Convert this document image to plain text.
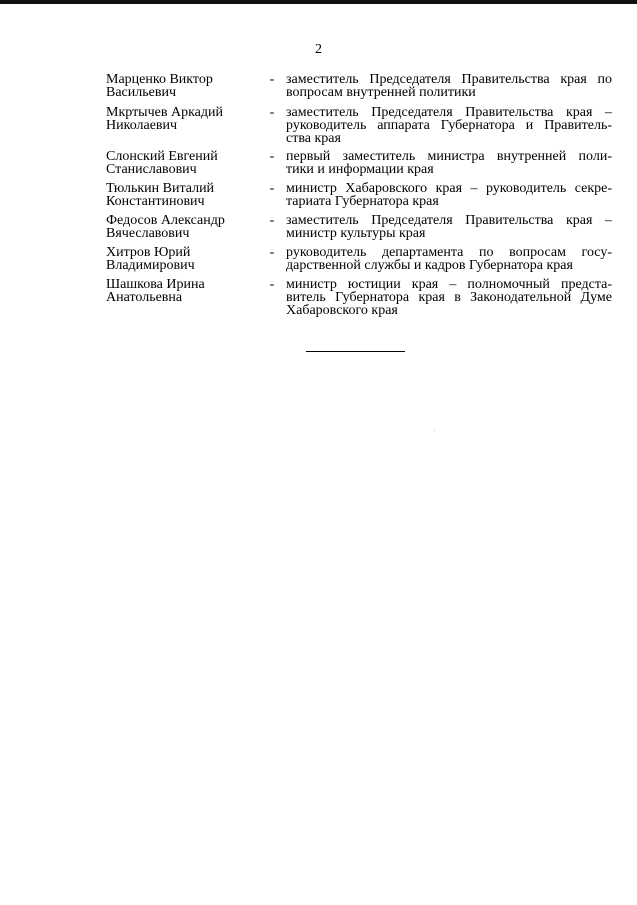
2
Марценко Виктор
Васильевич
- заместитель Председателя Правительства края по
вопросам внутренней политики
Мкртычев Аркадий
Николаевич
- заместитель Председателя Правительства края –
руководитель аппарата Губернатора и Правитель-
ства края
Слонский Евгений
Станиславович
- первый заместитель министра внутренней поли-
тики и информации края
Тюлькин Виталий
Константинович
- министр Хабаровского края – руководитель секре-
тариата Губернатора края
Федосов Александр
Вячеславович
- заместитель Председателя Правительства края –
министр культуры края
Хитров Юрий
Владимирович
- руководитель департамента по вопросам госу-
дарственной службы и кадров Губернатора края
Шашкова Ирина
Анатольевна
- министр юстиции края – полномочный предста-
витель Губернатора края в Законодательной Думе
Хабаровского края
